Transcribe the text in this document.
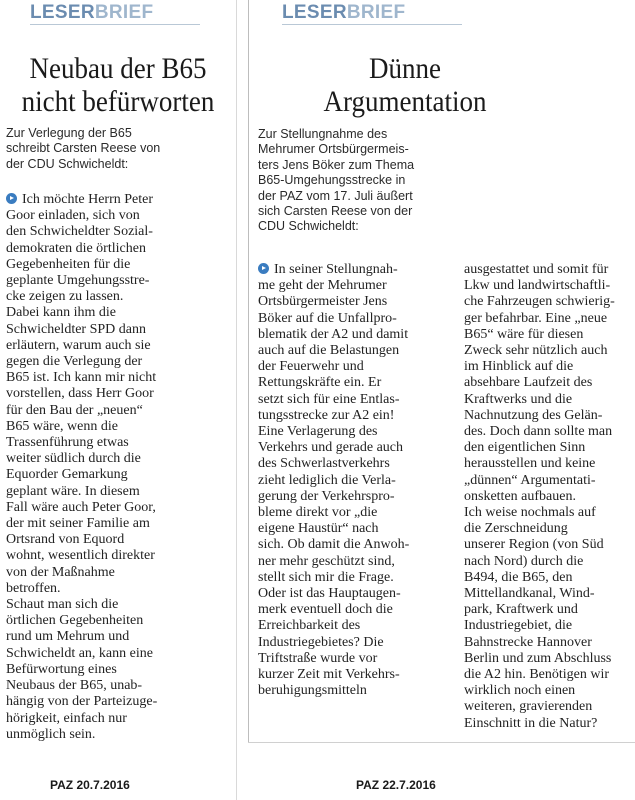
LESERBRIEF
Neubau der B65
nicht befürworten

Zur Verlegung der B65
schreibt Carsten Reese von
der CDU Schwicheldt:

Ich möchte Herrn Peter
Goor einladen, sich von
den Schwicheldter Sozial-
demokraten die örtlichen
Gegebenheiten für die
geplante Umgehungsstre-
cke zeigen zu lassen.
Dabei kann ihm die
Schwicheldter SPD dann
erläutern, warum auch sie
gegen die Verlegung der
B65 ist. Ich kann mir nicht
vorstellen, dass Herr Goor
für den Bau der „neuen“
B65 wäre, wenn die
Trassenführung etwas
weiter südlich durch die
Equorder Gemarkung
geplant wäre. In diesem
Fall wäre auch Peter Goor,
der mit seiner Familie am
Ortsrand von Equord
wohnt, wesentlich direkter
von der Maßnahme
betroffen.
Schaut man sich die
örtlichen Gegebenheiten
rund um Mehrum und
Schwicheldt an, kann eine
Befürwortung eines
Neubaus der B65, unab-
hängig von der Parteizuge-
hörigkeit, einfach nur
unmöglich sein.

LESERBRIEF
Dünne
Argumentation

Zur Stellungnahme des
Mehrumer Ortsbürgermeis-
ters Jens Böker zum Thema
B65-Umgehungsstrecke in
der PAZ vom 17. Juli äußert
sich Carsten Reese von der
CDU Schwicheldt:

In seiner Stellungnah-
me geht der Mehrumer
Ortsbürgermeister Jens
Böker auf die Unfallpro-
blematik der A2 und damit
auch auf die Belastungen
der Feuerwehr und
Rettungskräfte ein. Er
setzt sich für eine Entlas-
tungsstrecke zur A2 ein!
Eine Verlagerung des
Verkehrs und gerade auch
des Schwerlastverkehrs
zieht lediglich die Verla-
gerung der Verkehrspro-
bleme direkt vor „die
eigene Haustür“ nach
sich. Ob damit die Anwoh-
ner mehr geschützt sind,
stellt sich mir die Frage.
Oder ist das Hauptaugen-
merk eventuell doch die
Erreichbarkeit des
Industriegebietes? Die
Triftstraße wurde vor
kurzer Zeit mit Verkehrs-
beruhigungsmitteln

ausgestattet und somit für
Lkw und landwirtschaftli-
che Fahrzeugen schwierig-
ger befahrbar. Eine „neue
B65“ wäre für diesen
Zweck sehr nützlich auch
im Hinblick auf die
absehbare Laufzeit des
Kraftwerks und die
Nachnutzung des Gelän-
des. Doch dann sollte man
den eigentlichen Sinn
herausstellen und keine
„dünnen“ Argumentati-
onsketten aufbauen.
Ich weise nochmals auf
die Zerschneidung
unserer Region (von Süd
nach Nord) durch die
B494, die B65, den
Mittellandkanal, Wind-
park, Kraftwerk und
Industriegebiet, die
Bahnstrecke Hannover
Berlin und zum Abschluss
die A2 hin. Benötigen wir
wirklich noch einen
weiteren, gravierenden
Einschnitt in die Natur?

PAZ 20.7.2016	PAZ 22.7.2016
